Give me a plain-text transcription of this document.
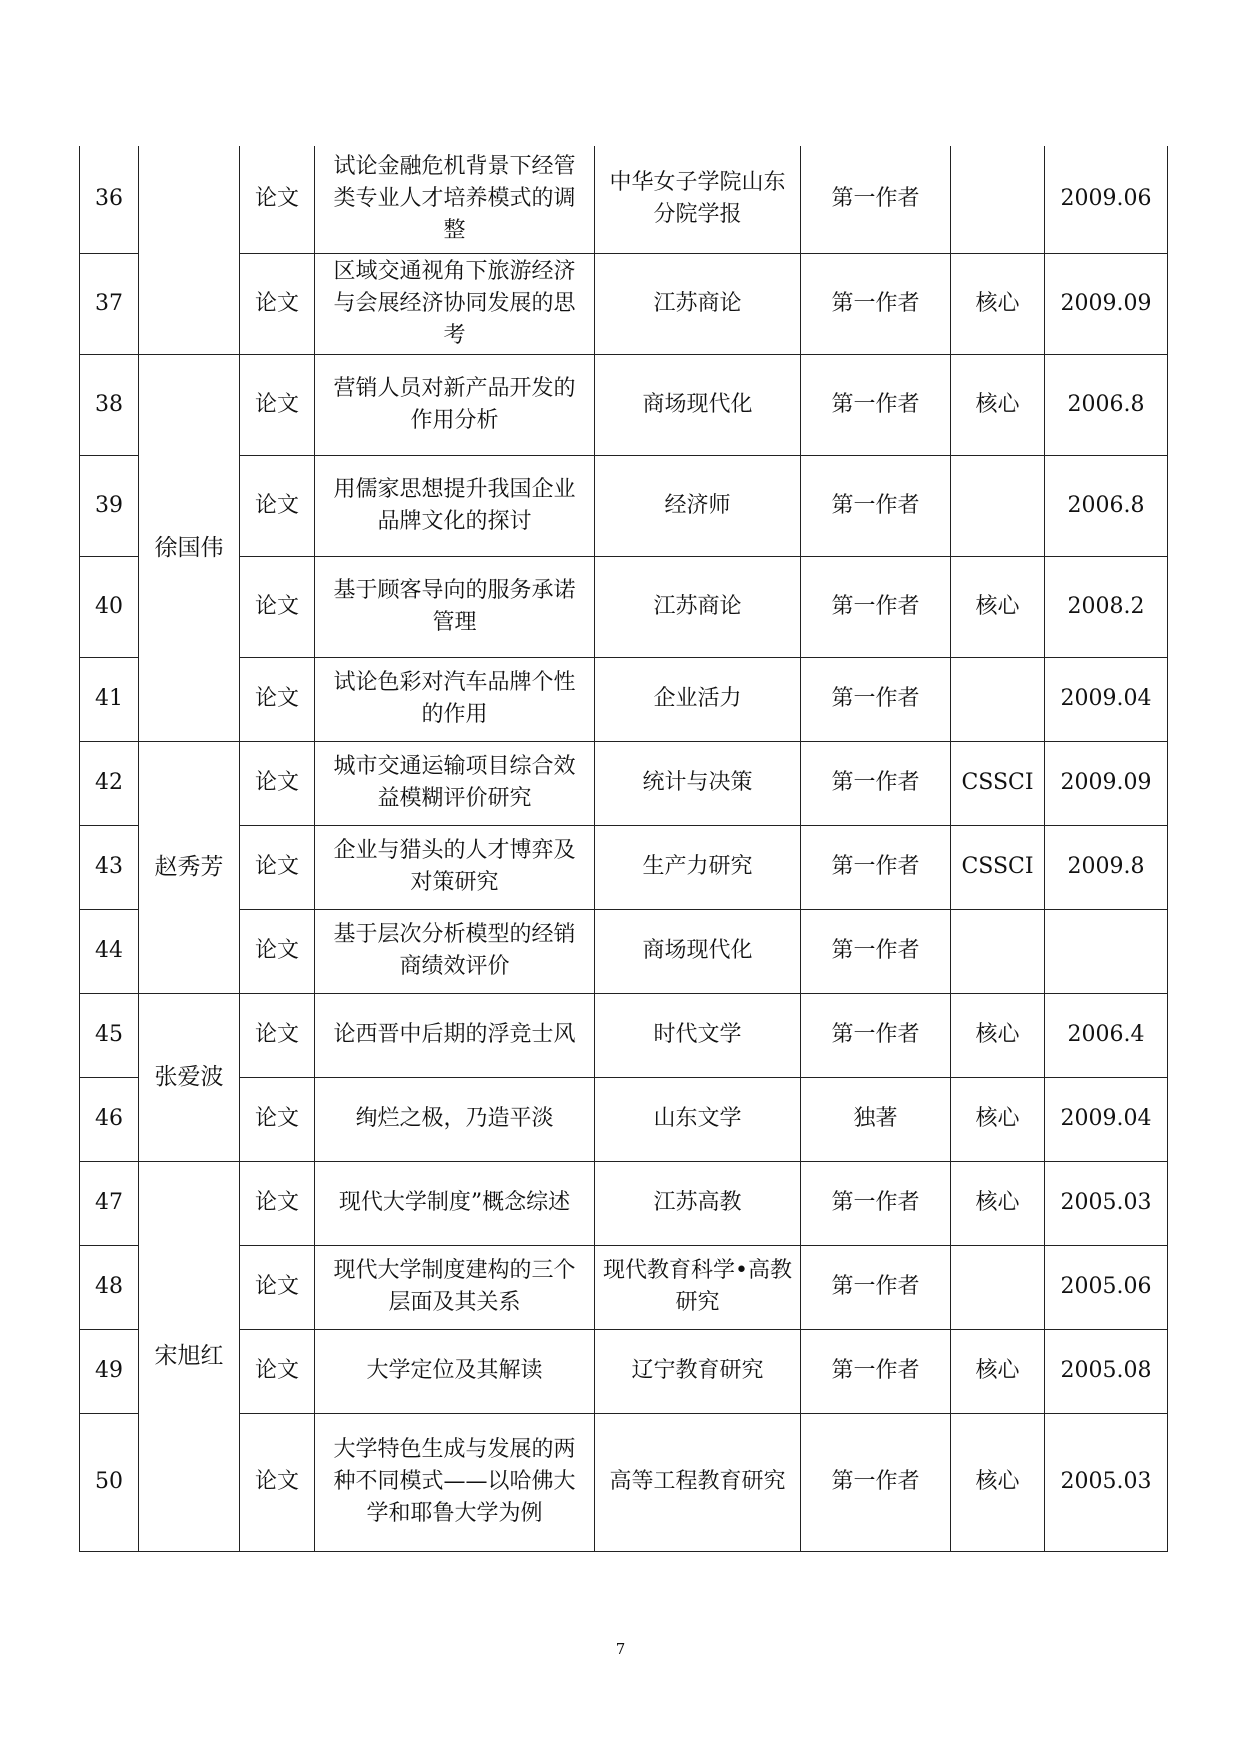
36		论文	试论金融危机背景下经管类专业人才培养模式的调整	中华女子学院山东分院学报	第一作者		2009.06
37		论文	区域交通视角下旅游经济与会展经济协同发展的思考	江苏商论	第一作者	核心	2009.09
38	徐国伟	论文	营销人员对新产品开发的作用分析	商场现代化	第一作者	核心	2006.8
39		论文	用儒家思想提升我国企业品牌文化的探讨	经济师	第一作者		2006.8
40		论文	基于顾客导向的服务承诺管理	江苏商论	第一作者	核心	2008.2
41		论文	试论色彩对汽车品牌个性的作用	企业活力	第一作者		2009.04
42	赵秀芳	论文	城市交通运输项目综合效益模糊评价研究	统计与决策	第一作者	CSSCI	2009.09
43		论文	企业与猎头的人才博弈及对策研究	生产力研究	第一作者	CSSCI	2009.8
44		论文	基于层次分析模型的经销商绩效评价	商场现代化	第一作者		
45	张爱波	论文	论西晋中后期的浮竞士风	时代文学	第一作者	核心	2006.4
46		论文	绚烂之极，乃造平淡	山东文学	独著	核心	2009.04
47	宋旭红	论文	现代大学制度”概念综述	江苏高教	第一作者	核心	2005.03
48		论文	现代大学制度建构的三个层面及其关系	现代教育科学•高教研究	第一作者		2005.06
49		论文	大学定位及其解读	辽宁教育研究	第一作者	核心	2005.08
50		论文	大学特色生成与发展的两种不同模式——以哈佛大学和耶鲁大学为例	高等工程教育研究	第一作者	核心	2005.03
7
